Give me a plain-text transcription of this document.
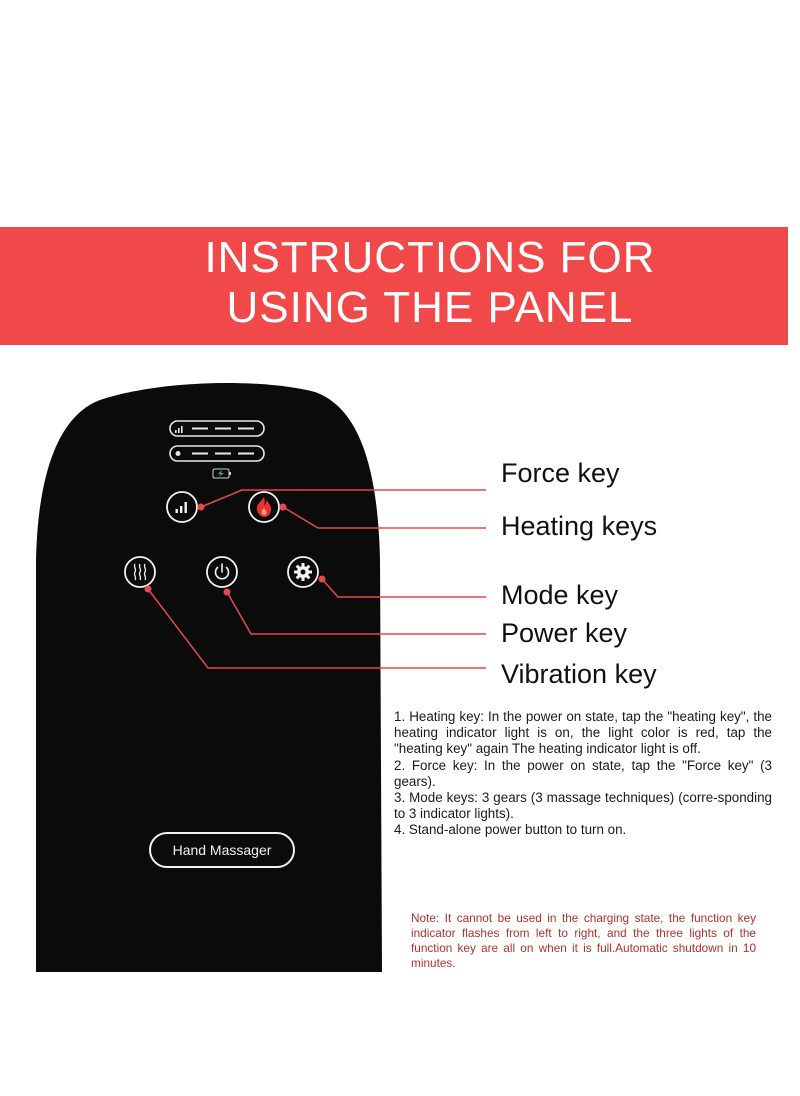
INSTRUCTIONS FOR
USING THE PANEL
Hand Massager
Force key
Heating keys
Mode key
Power key
Vibration key

1. Heating key: In the power on state, tap the "heating key", the heating indicator light is on, the light color is red, tap the "heating key" again The heating indicator light is off.

2. Force key: In the power on state, tap the "Force key" (3 gears).

3. Mode keys: 3 gears (3 massage techniques) (corre-sponding to 3 indicator lights).

4. Stand-alone power button to turn on.

Note: It cannot be used in the charging state, the function key indicator flashes from left to right, and the three lights of the function key are all on when it is full.Automatic shutdown in 10 minutes.
